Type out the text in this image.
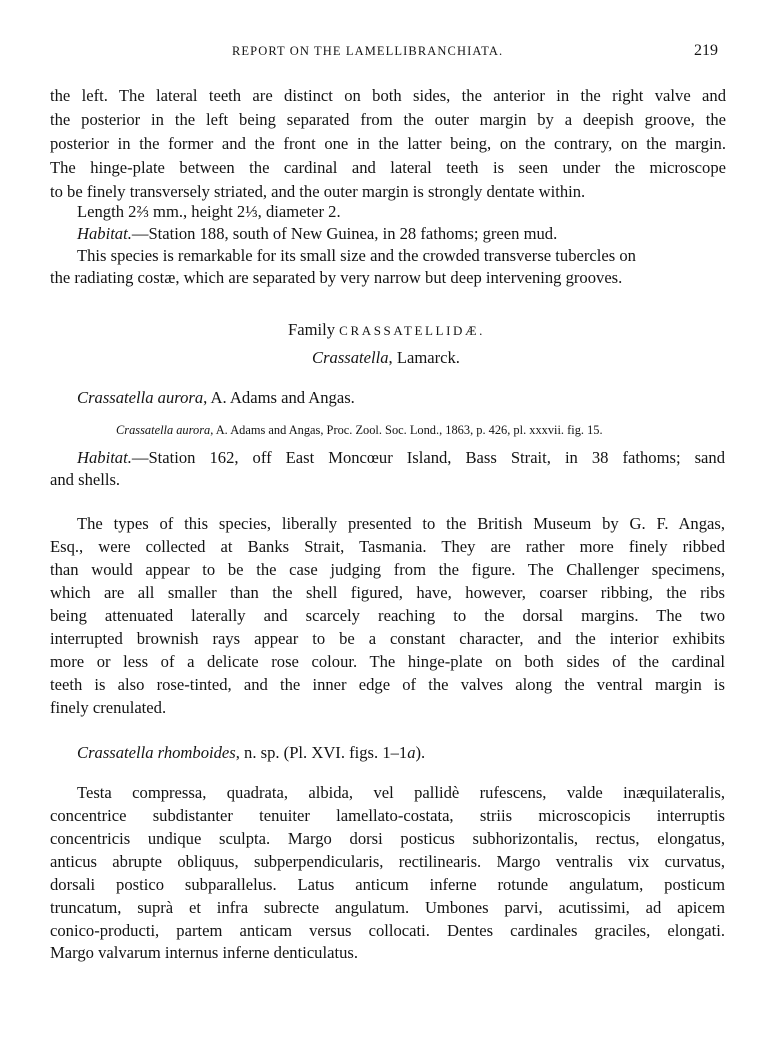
REPORT ON THE LAMELLIBRANCHIATA.	219
the left. The lateral teeth are distinct on both sides, the anterior in the right valve and
the posterior in the left being separated from the outer margin by a deepish groove, the
posterior in the former and the front one in the latter being, on the contrary, on the margin.
The hinge-plate between the cardinal and lateral teeth is seen under the microscope
to be finely transversely striated, and the outer margin is strongly dentate within.
Length 2⅔ mm., height 2⅓, diameter 2.
Habitat.—Station 188, south of New Guinea, in 28 fathoms; green mud.
This species is remarkable for its small size and the crowded transverse tubercles on
the radiating costæ, which are separated by very narrow but deep intervening grooves.
Family CRASSATELLIDÆ.
Crassatella, Lamarck.
Crassatella aurora, A. Adams and Angas.
Crassatella aurora, A. Adams and Angas, Proc. Zool. Soc. Lond., 1863, p. 426, pl. xxxvii. fig. 15.
Habitat.—Station 162, off East Moncœur Island, Bass Strait, in 38 fathoms; sand
and shells.
The types of this species, liberally presented to the British Museum by G. F. Angas,
Esq., were collected at Banks Strait, Tasmania. They are rather more finely ribbed
than would appear to be the case judging from the figure. The Challenger specimens,
which are all smaller than the shell figured, have, however, coarser ribbing, the ribs
being attenuated laterally and scarcely reaching to the dorsal margins. The two
interrupted brownish rays appear to be a constant character, and the interior exhibits
more or less of a delicate rose colour. The hinge-plate on both sides of the cardinal
teeth is also rose-tinted, and the inner edge of the valves along the ventral margin is
finely crenulated.
Crassatella rhomboides, n. sp. (Pl. XVI. figs. 1–1a).
Testa compressa, quadrata, albida, vel pallidè rufescens, valde inæquilateralis,
concentrice subdistanter tenuiter lamellato-costata, striis microscopicis interruptis
concentricis undique sculpta. Margo dorsi posticus subhorizontalis, rectus, elongatus,
anticus abrupte obliquus, subperpendicularis, rectilinearis. Margo ventralis vix curvatus,
dorsali postico subparallelus. Latus anticum inferne rotunde angulatum, posticum
truncatum, suprà et infra subrecte angulatum. Umbones parvi, acutissimi, ad apicem
conico-producti, partem anticam versus collocati. Dentes cardinales graciles, elongati.
Margo valvarum internus inferne denticulatus.
